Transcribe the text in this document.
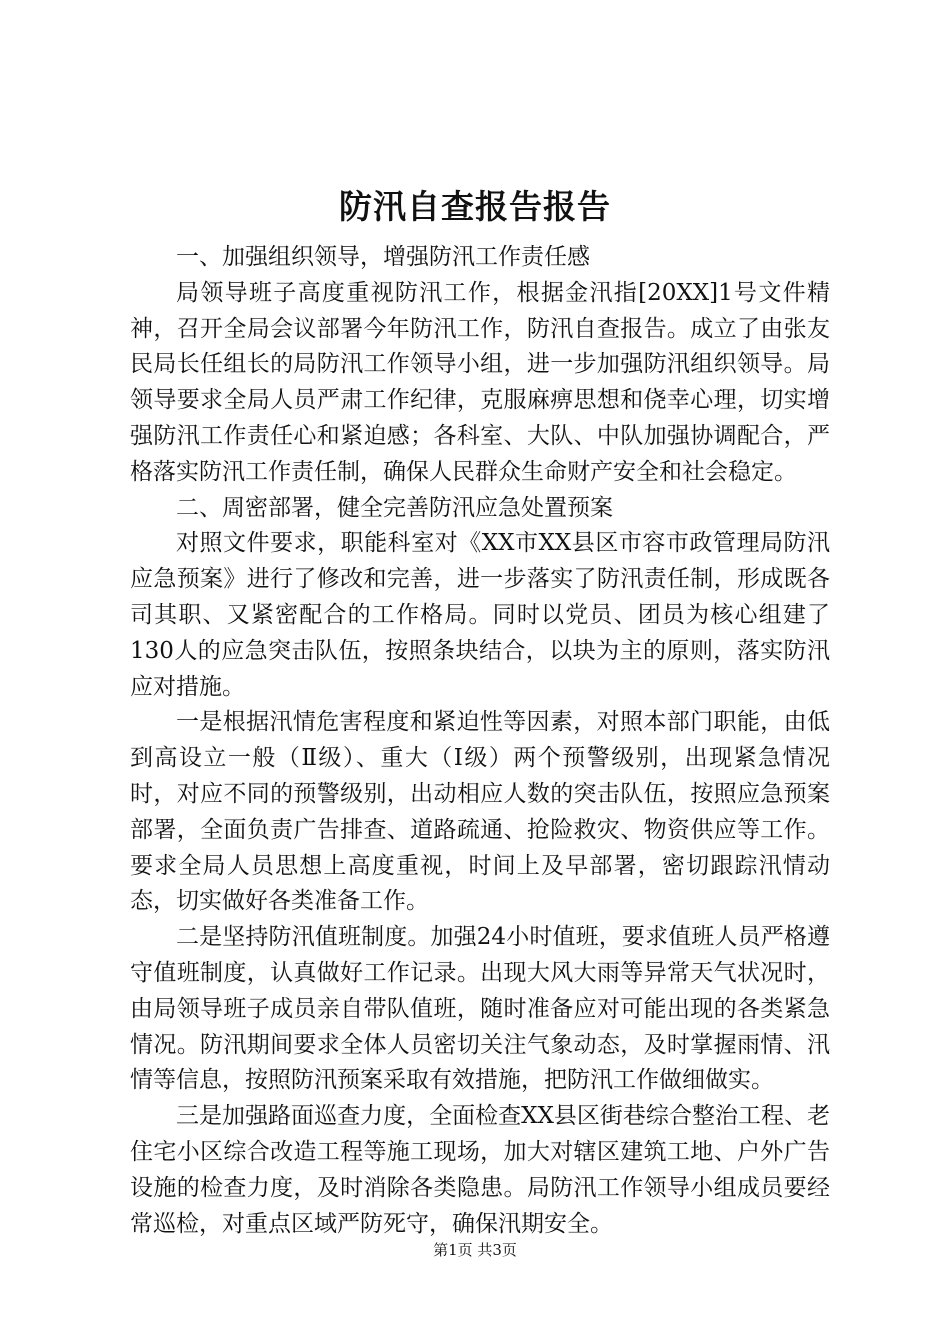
防汛自查报告报告

一、加强组织领导，增强防汛工作责任感

局领导班子高度重视防汛工作，根据金汛指[20XX]1号文件精神，召开全局会议部署今年防汛工作，防汛自查报告。成立了由张友民局长任组长的局防汛工作领导小组，进一步加强防汛组织领导。局领导要求全局人员严肃工作纪律，克服麻痹思想和侥幸心理，切实增强防汛工作责任心和紧迫感；各科室、大队、中队加强协调配合，严格落实防汛工作责任制，确保人民群众生命财产安全和社会稳定。

二、周密部署，健全完善防汛应急处置预案

对照文件要求，职能科室对《XX市XX县区市容市政管理局防汛应急预案》进行了修改和完善，进一步落实了防汛责任制，形成既各司其职、又紧密配合的工作格局。同时以党员、团员为核心组建了130人的应急突击队伍，按照条块结合，以块为主的原则，落实防汛应对措施。

一是根据汛情危害程度和紧迫性等因素，对照本部门职能，由低到高设立一般（Ⅱ级）、重大（Ⅰ级）两个预警级别，出现紧急情况时，对应不同的预警级别，出动相应人数的突击队伍，按照应急预案部署，全面负责广告排查、道路疏通、抢险救灾、物资供应等工作。要求全局人员思想上高度重视，时间上及早部署，密切跟踪汛情动态，切实做好各类准备工作。

二是坚持防汛值班制度。加强24小时值班，要求值班人员严格遵守值班制度，认真做好工作记录。出现大风大雨等异常天气状况时，由局领导班子成员亲自带队值班，随时准备应对可能出现的各类紧急情况。防汛期间要求全体人员密切关注气象动态，及时掌握雨情、汛情等信息，按照防汛预案采取有效措施，把防汛工作做细做实。

三是加强路面巡查力度，全面检查XX县区街巷综合整治工程、老住宅小区综合改造工程等施工现场，加大对辖区建筑工地、户外广告设施的检查力度，及时消除各类隐患。局防汛工作领导小组成员要经常巡检，对重点区域严防死守，确保汛期安全。

第1页 共3页
